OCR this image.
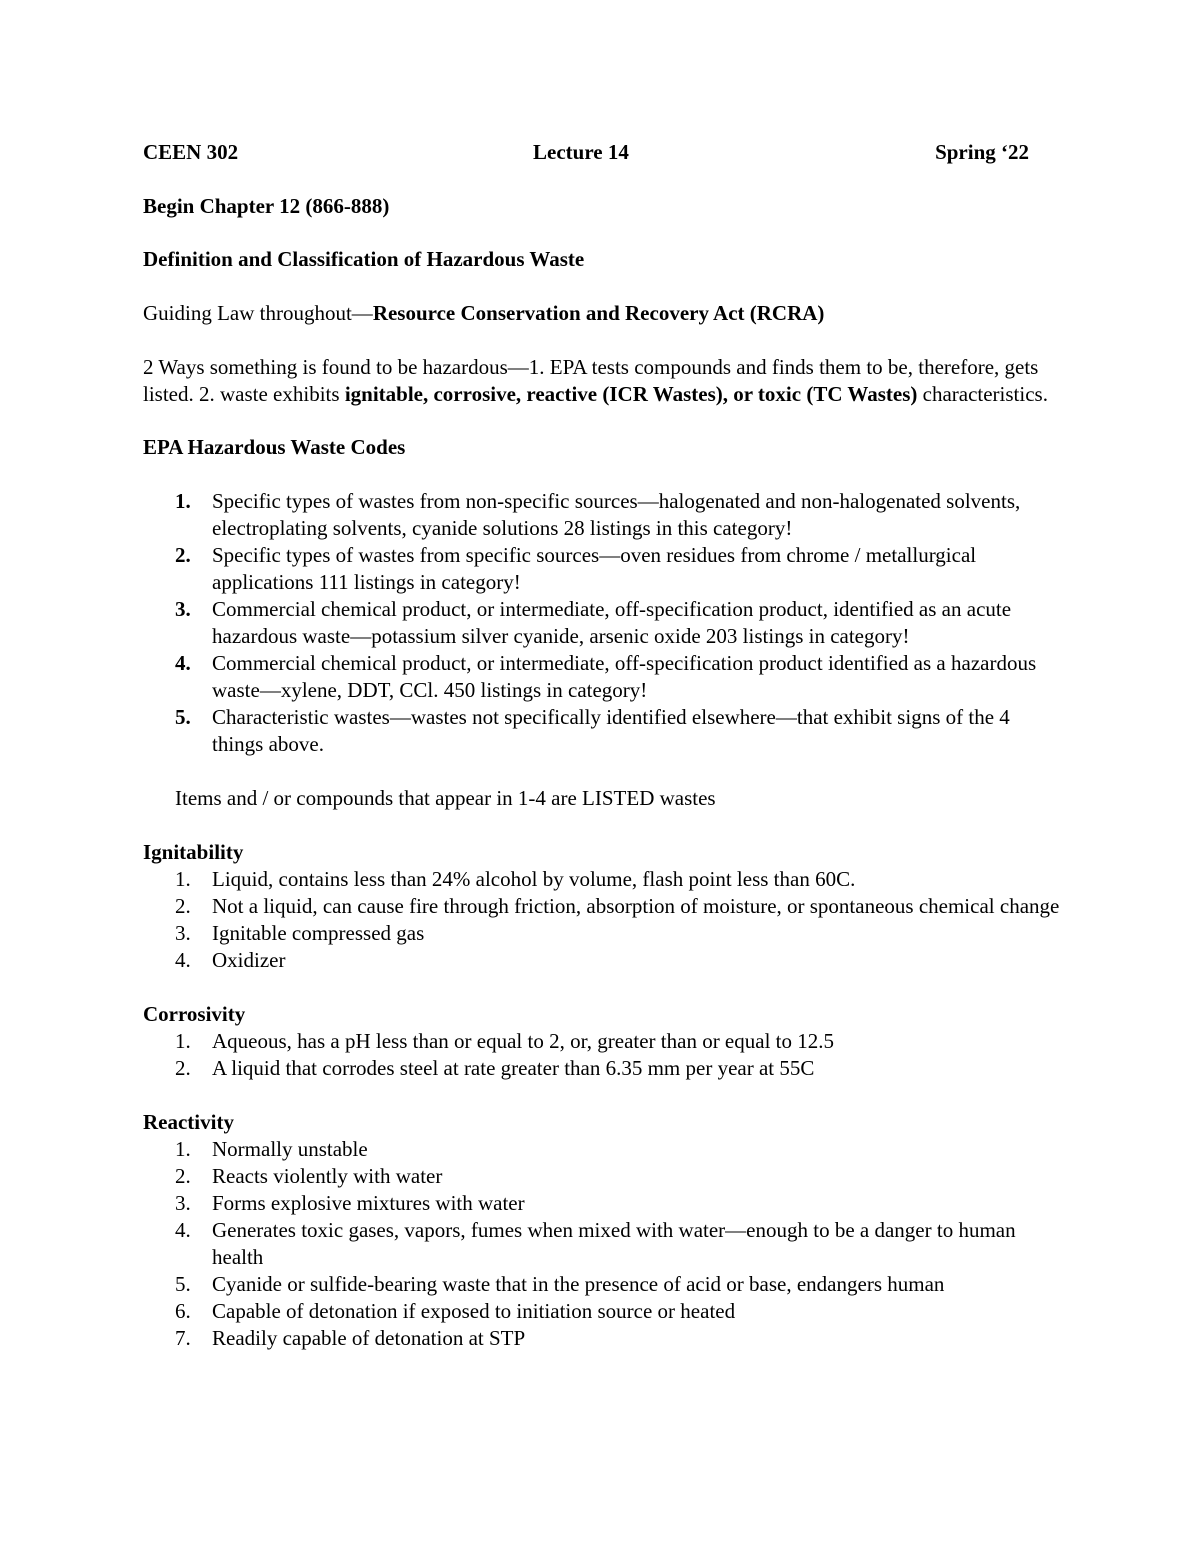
CEEN 302	Lecture 14	Spring ‘22

Begin Chapter 12 (866-888)

Definition and Classification of Hazardous Waste

Guiding Law throughout—Resource Conservation and Recovery Act (RCRA)

2 Ways something is found to be hazardous—1. EPA tests compounds and finds them to be, therefore, gets listed. 2. waste exhibits ignitable, corrosive, reactive (ICR Wastes), or toxic (TC Wastes) characteristics.

EPA Hazardous Waste Codes

1. Specific types of wastes from non-specific sources—halogenated and non-halogenated solvents, electroplating solvents, cyanide solutions 28 listings in this category!
2. Specific types of wastes from specific sources—oven residues from chrome / metallurgical applications 111 listings in category!
3. Commercial chemical product, or intermediate, off-specification product, identified as an acute hazardous waste—potassium silver cyanide, arsenic oxide 203 listings in category!
4. Commercial chemical product, or intermediate, off-specification product identified as a hazardous waste—xylene, DDT, CCl. 450 listings in category!
5. Characteristic wastes—wastes not specifically identified elsewhere—that exhibit signs of the 4 things above.

Items and / or compounds that appear in 1-4 are LISTED wastes

Ignitability

1. Liquid, contains less than 24% alcohol by volume, flash point less than 60C.
2. Not a liquid, can cause fire through friction, absorption of moisture, or spontaneous chemical change
3. Ignitable compressed gas
4. Oxidizer

Corrosivity

1. Aqueous, has a pH less than or equal to 2, or, greater than or equal to 12.5
2. A liquid that corrodes steel at rate greater than 6.35 mm per year at 55C

Reactivity

1. Normally unstable
2. Reacts violently with water
3. Forms explosive mixtures with water
4. Generates toxic gases, vapors, fumes when mixed with water—enough to be a danger to human health
5. Cyanide or sulfide-bearing waste that in the presence of acid or base, endangers human
6. Capable of detonation if exposed to initiation source or heated
7. Readily capable of detonation at STP
